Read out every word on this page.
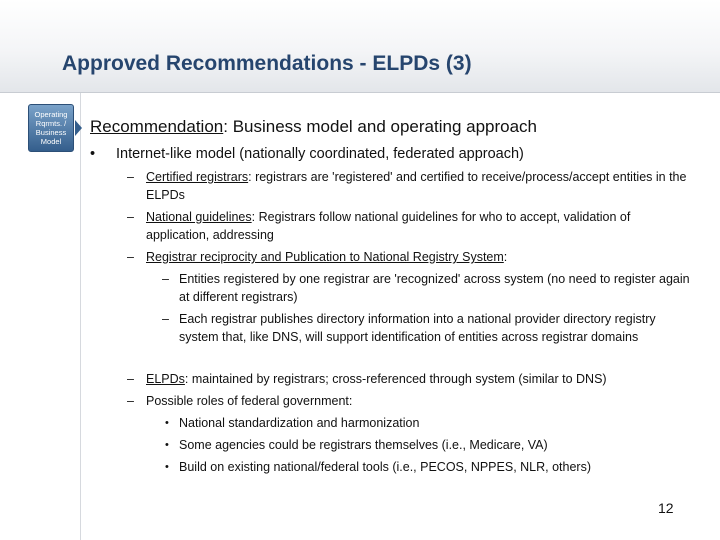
Approved Recommendations - ELPDs (3)
Operating Rqrmts. / Business Model
Recommendation: Business model and operating approach
• Internet-like model (nationally coordinated, federated approach)
– Certified registrars: registrars are 'registered' and certified to receive/process/accept entities in the ELPDs
– National guidelines: Registrars follow national guidelines for who to accept, validation of application, addressing
– Registrar reciprocity and Publication to National Registry System:
– Entities registered by one registrar are 'recognized' across system (no need to register again at different registrars)
– Each registrar publishes directory information into a national provider directory registry system that, like DNS, will support identification of entities across registrar domains
– ELPDs: maintained by registrars; cross-referenced through system (similar to DNS)
– Possible roles of federal government:
• National standardization and harmonization
• Some agencies could be registrars themselves (i.e., Medicare, VA)
• Build on existing national/federal tools (i.e., PECOS, NPPES, NLR, others)
12
